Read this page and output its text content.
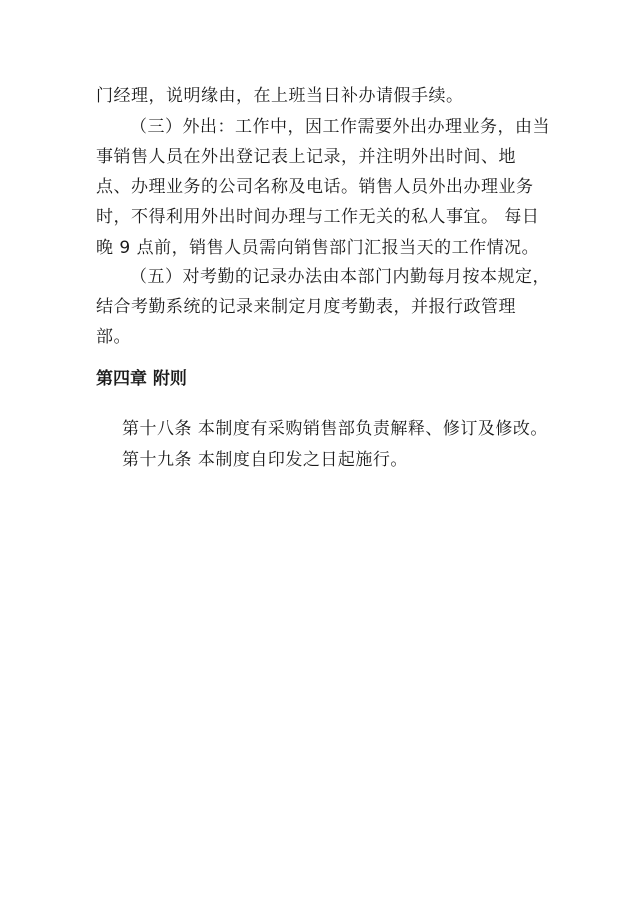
门经理，说明缘由，在上班当日补办请假手续。
（三）外出：工作中，因工作需要外出办理业务，由当
事销售人员在外出登记表上记录，并注明外出时间、地
点、办理业务的公司名称及电话。销售人员外出办理业务
时，不得利用外出时间办理与工作无关的私人事宜。 每日
晚 9 点前，销售人员需向销售部门汇报当天的工作情况。
（五）对考勤的记录办法由本部门内勤每月按本规定，
结合考勤系统的记录来制定月度考勤表，并报行政管理
部。
第四章 附则
第十八条 本制度有采购销售部负责解释、修订及修改。
第十九条 本制度自印发之日起施行。
